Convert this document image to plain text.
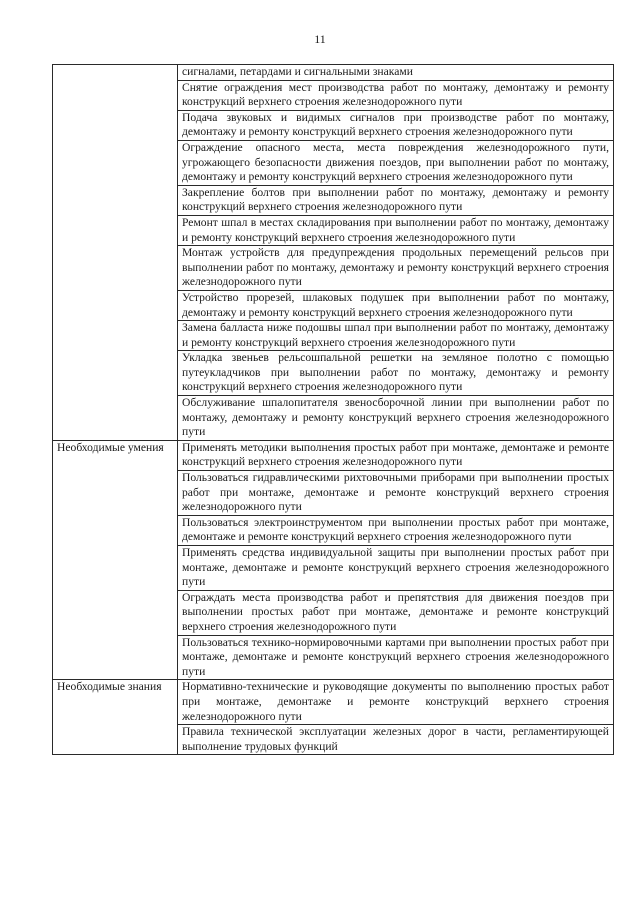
11
	сигналами, петардами и сигнальными знаками
	Снятие ограждения мест производства работ по монтажу, демонтажу и ремонту конструкций верхнего строения железнодорожного пути
	Подача звуковых и видимых сигналов при производстве работ по монтажу, демонтажу и ремонту конструкций верхнего строения железнодорожного пути
	Ограждение опасного места, места повреждения железнодорожного пути, угрожающего безопасности движения поездов, при выполнении работ по монтажу, демонтажу и ремонту конструкций верхнего строения железнодорожного пути
	Закрепление болтов при выполнении работ по монтажу, демонтажу и ремонту конструкций верхнего строения железнодорожного пути
	Ремонт шпал в местах складирования при выполнении работ по монтажу, демонтажу и ремонту конструкций верхнего строения железнодорожного пути
	Монтаж устройств для предупреждения продольных перемещений рельсов при выполнении работ по монтажу, демонтажу и ремонту конструкций верхнего строения железнодорожного пути
	Устройство прорезей, шлаковых подушек при выполнении работ по монтажу, демонтажу и ремонту конструкций верхнего строения железнодорожного пути
	Замена балласта ниже подошвы шпал при выполнении работ по монтажу, демонтажу и ремонту конструкций верхнего строения железнодорожного пути
	Укладка звеньев рельсошпальной решетки на земляное полотно с помощью путеукладчиков при выполнении работ по монтажу, демонтажу и ремонту конструкций верхнего строения железнодорожного пути
	Обслуживание шпалопитателя звеносборочной линии при выполнении работ по монтажу, демонтажу и ремонту конструкций верхнего строения железнодорожного пути
Необходимые умения	Применять методики выполнения простых работ при монтаже, демонтаже и ремонте конструкций верхнего строения железнодорожного пути
	Пользоваться гидравлическими рихтовочными приборами при выполнении простых работ при монтаже, демонтаже и ремонте конструкций верхнего строения железнодорожного пути
	Пользоваться электроинструментом при выполнении простых работ при монтаже, демонтаже и ремонте конструкций верхнего строения железнодорожного пути
	Применять средства индивидуальной защиты при выполнении простых работ при монтаже, демонтаже и ремонте конструкций верхнего строения железнодорожного пути
	Ограждать места производства работ и препятствия для движения поездов при выполнении простых работ при монтаже, демонтаже и ремонте конструкций верхнего строения железнодорожного пути
	Пользоваться технико-нормировочными картами при выполнении простых работ при монтаже, демонтаже и ремонте конструкций верхнего строения железнодорожного пути
Необходимые знания	Нормативно-технические и руководящие документы по выполнению простых работ при монтаже, демонтаже и ремонте конструкций верхнего строения железнодорожного пути
	Правила технической эксплуатации железных дорог в части, регламентирующей выполнение трудовых функций
